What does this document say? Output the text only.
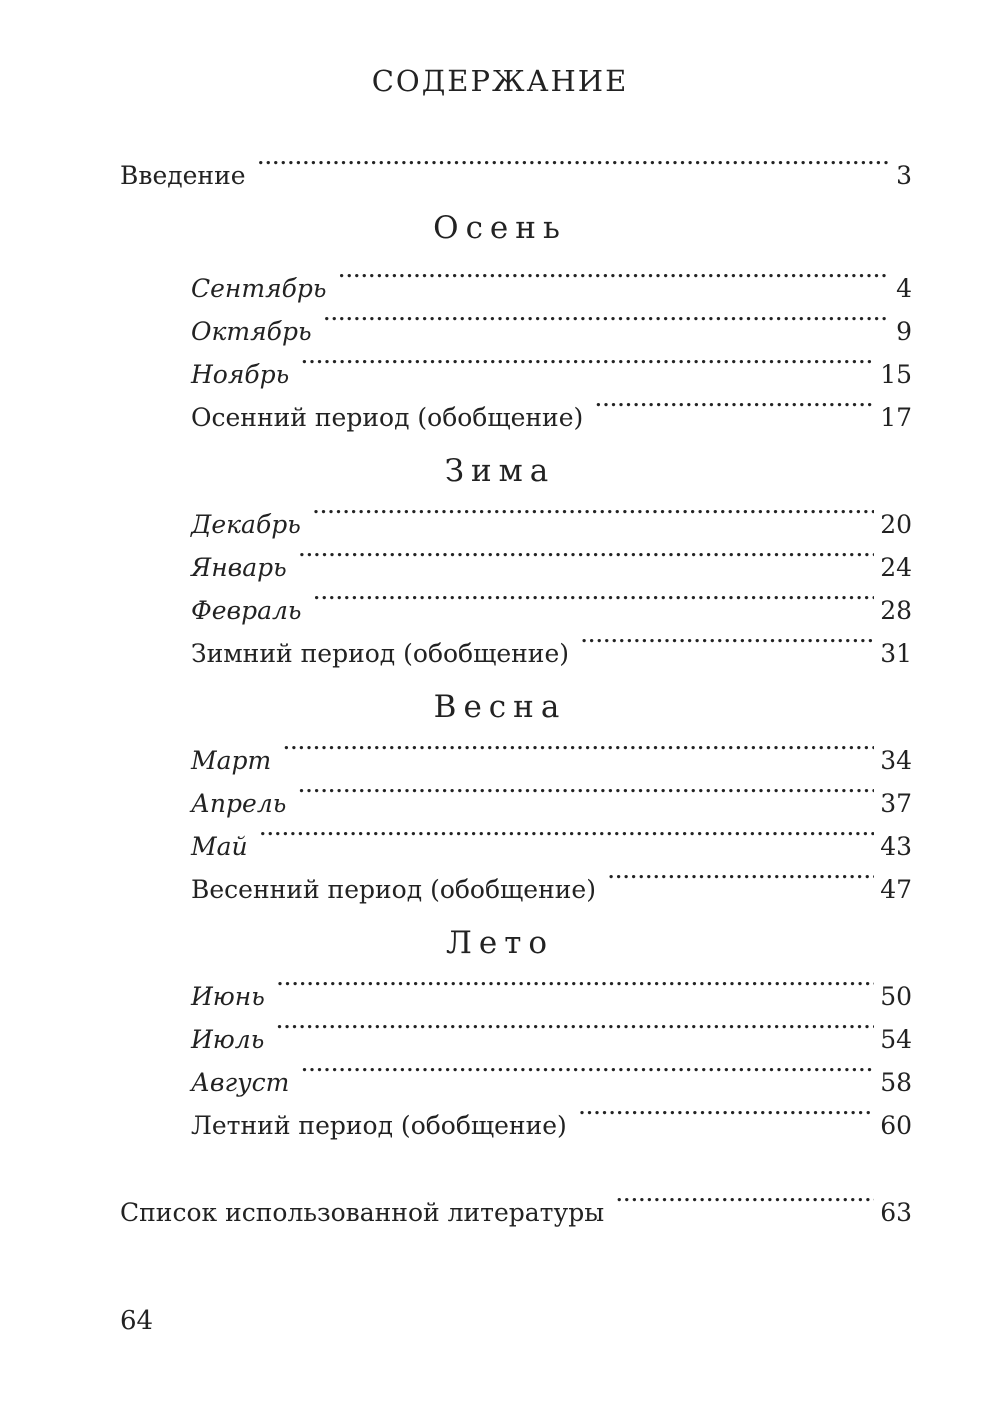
СОДЕРЖАНИЕ
Введение . . .	3
Осень
Сентябрь . . .	4
Октябрь . . .	9
Ноябрь . . .	15
Осенний период (обобщение) . . .	17
Зима
Декабрь . . .	20
Январь . . .	24
Февраль . . .	28
Зимний период (обобщение) . . .	31
Весна
Март . . .	34
Апрель . . .	37
Май . . .	43
Весенний период (обобщение) . . .	47
Лето
Июнь . . .	50
Июль . . .	54
Август . . .	58
Летний период (обобщение) . . .	60
Список использованной литературы . . .	63
64
